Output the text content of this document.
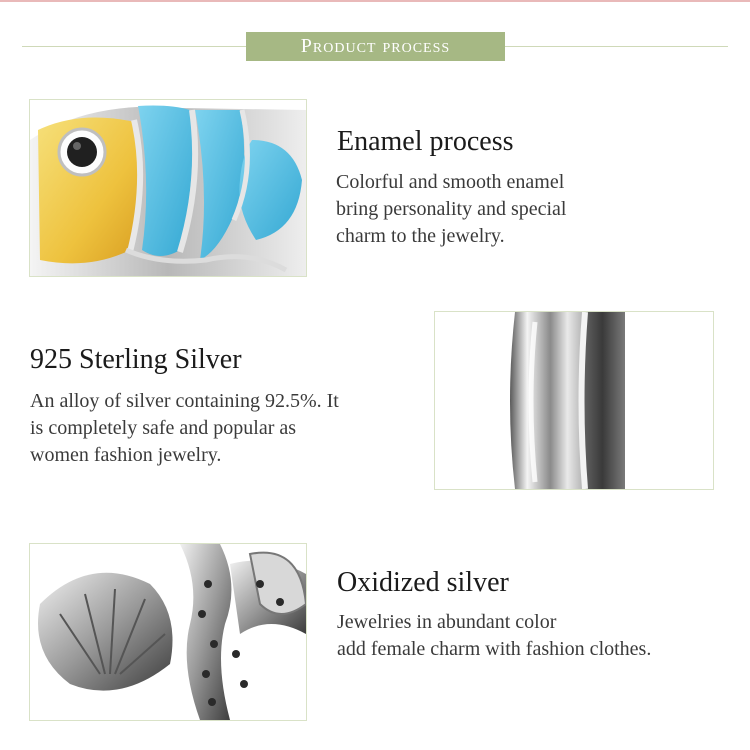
Product process
Enamel process
Colorful and smooth enamel
bring personality and special
charm to the jewelry.
925 Sterling Silver
An alloy of silver containing 92.5%. It
is completely safe and popular as
women fashion jewelry.
Oxidized silver
Jewelries in abundant color
add female charm with fashion clothes.
